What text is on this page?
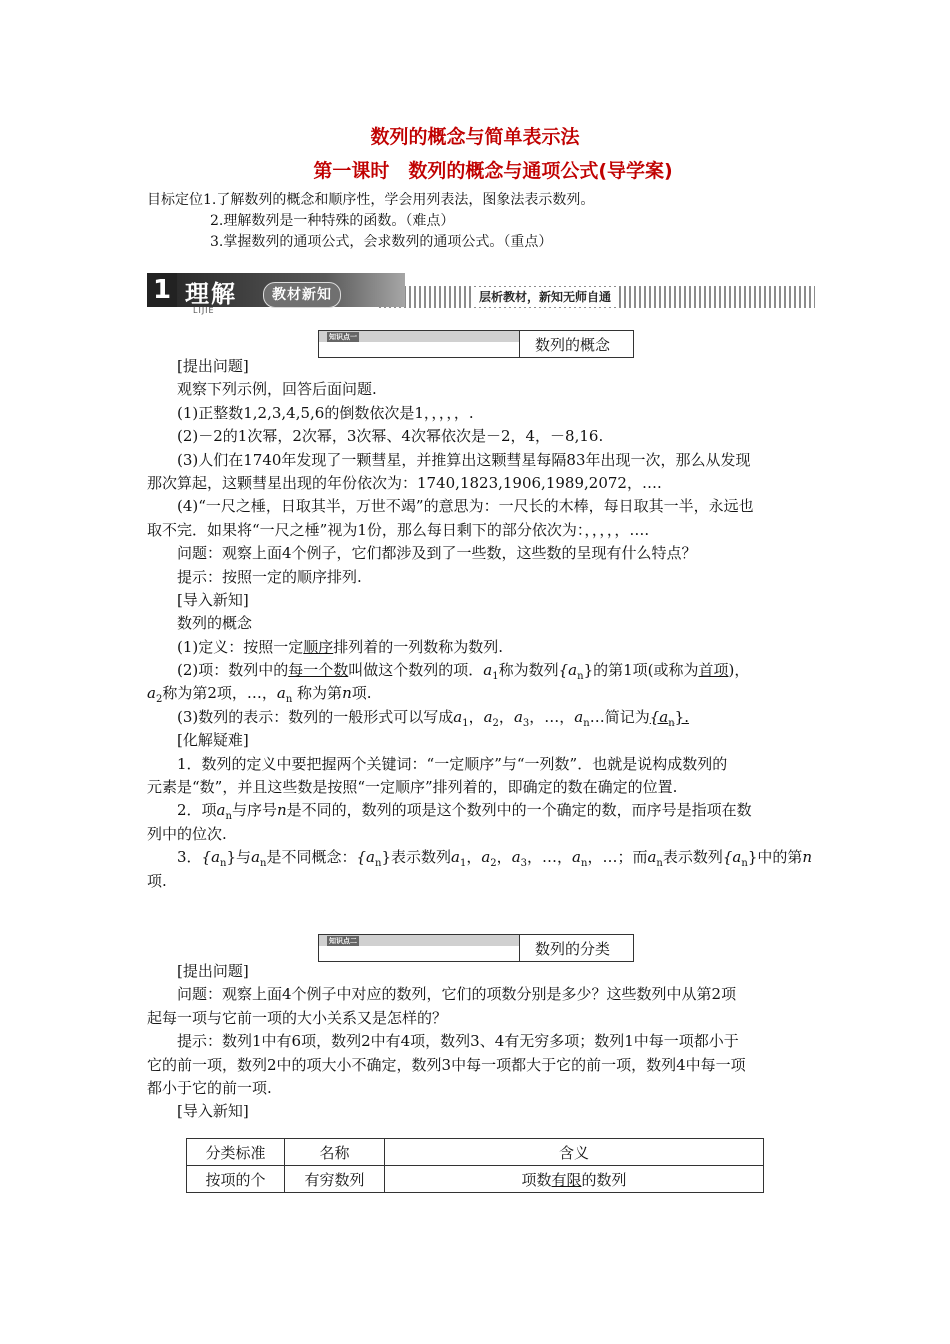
数列的概念与简单表示法
第一课时　数列的概念与通项公式(导学案)
目标定位1.了解数列的概念和顺序性，学会用列表法，图象法表示数列。
2.理解数列是一种特殊的函数。（难点）
3.掌握数列的通项公式，会求数列的通项公式。（重点）
1 理解
LIJIE
教材新知	层析教材，新知无师自通
知识点一	数列的概念
[提出问题]
观察下列示例，回答后面问题.
(1)正整数1,2,3,4,5,6的倒数依次是1，，，，，.
(2)－2的1次幂，2次幂，3次幂、4次幂依次是－2，4，－8,16.
(3)人们在1740年发现了一颗彗星，并推算出这颗彗星每隔83年出现一次，那么从发现
那次算起，这颗彗星出现的年份依次为：1740,1823,1906,1989,2072，….
(4)“一尺之棰，日取其半，万世不竭”的意思为：一尺长的木棒，每日取其一半，永远也
取不完．如果将“一尺之棰”视为1份，那么每日剩下的部分依次为：，，，，，….
问题：观察上面4个例子，它们都涉及到了一些数，这些数的呈现有什么特点？
提示：按照一定的顺序排列.
[导入新知]
数列的概念
(1)定义：按照一定顺序排列着的一列数称为数列.
(2)项：数列中的每一个数叫做这个数列的项．$a_1$称为数列$\{a_n\}$的第1项(或称为首项)，
$a_2$称为第2项，…，$a_n$ 称为第n项.
(3)数列的表示：数列的一般形式可以写成$a_1$，$a_2$，$a_3$，…，$a_n\dots$简记为$\{a_n\}$.
[化解疑难]
1．数列的定义中要把握两个关键词：“一定顺序”与“一列数”．也就是说构成数列的
元素是“数”，并且这些数是按照“一定顺序”排列着的，即确定的数在确定的位置.
2．项$a_n$与序号n是不同的，数列的项是这个数列中的一个确定的数，而序号是指项在数
列中的位次.
3．$\{a_n\}$与$a_n$是不同概念：$\{a_n\}$表示数列$a_1$，$a_2$，$a_3$，…，$a_n$，…；而$a_n$表示数列$\{a_n\}$中的第n
项.
知识点二	数列的分类
[提出问题]
问题：观察上面4个例子中对应的数列，它们的项数分别是多少？这些数列中从第2项
起每一项与它前一项的大小关系又是怎样的？
提示：数列1中有6项，数列2中有4项，数列3、4有无穷多项；数列1中每一项都小于
它的前一项，数列2中的项大小不确定，数列3中每一项都大于它的前一项，数列4中每一项
都小于它的前一项.
[导入新知]
分类标准	名称	含义
按项的个	有穷数列	项数有限的数列
